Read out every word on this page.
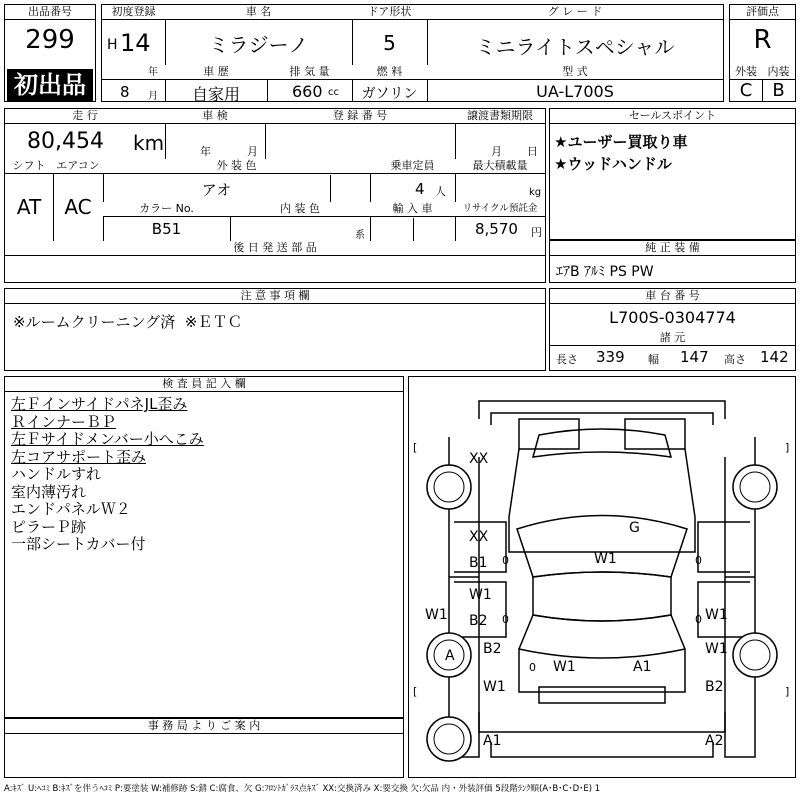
出品番号
299
初出品
初度登録
H 14
年
8 月
車 名
ミラジーノ
ドア形状
5
グ レ ー ド
ミニライトスペシャル
車 歴
自家用
排 気 量
660 cc
燃 料
ガソリン
型 式
UA-L700S
評価点
R
外装 内装
C	B
走 行
80,454 km
車 検
年	月
登 録 番 号	譲渡書類期限
月 日
シフト
AT
エアコン
AC
外 装 色
アオ
乗車定員
4 人
最大積載量
kg
カラー No.
B51
内 装 色
系
輸 入 車	リサイクル預託金
8,570 円
後 日 発 送 部 品
セールスポイント
★ユーザー買取り車
★ウッドハンドル
純 正 装 備
ｴｱB ｱﾙﾐ PS PW
注 意 事 項 欄
※ルームクリーニング済  ※ＥＴＣ
車 台 番 号
L700S-0304774
諸 元
長さ 339 幅 147 高さ 142
検 査 員 記 入 欄
左ＦインサイドパネJL歪み
ＲインナーＢＰ
左Ｆサイドメンバー小へこみ
左コアサポート歪み
ハンドルすれ
室内薄汚れ
エンドパネルＷ２
ピラーＰ跡
一部シートカバー付
事 務 局 よ り ご 案 内
XX
XX
B1
W1
B2
G
W1
W1	W1
B2
A
W1	A1
W1
B2
A1	A2
W1
0
0
0
0
0
[	]
[	]
A:ｷｽﾞ U:ﾍｺﾐ B:ｷｽﾞを伴うﾍｺﾐ P:要塗装 W:補修跡 S:錆 C:腐食、欠 G:ﾌﾛﾝﾄｶﾞﾗｽ点ｷｽﾞ XX:交換済み X:要交換 欠:欠品 内・外装評価 5段階ﾗﾝｸ順(A･B･C･D･E) 1
